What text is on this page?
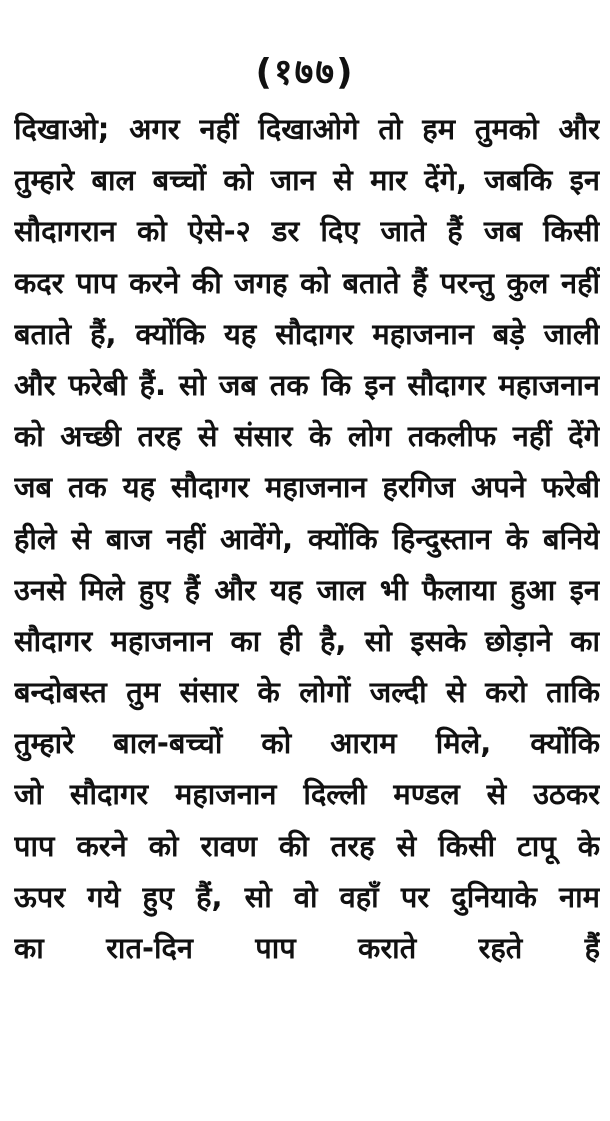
(१७७)
दिखाओ; अगर नहीं दिखाओगे तो हम तुमको और
तुम्हारे बाल बच्चों को जान से मार देंगे, जबकि इन
सौदागरान को ऐसे-२ डर दिए जाते हैं जब किसी
कदर पाप करने की जगह को बताते हैं परन्तु कुल नहीं
बताते हैं, क्योंकि यह सौदागर महाजनान बड़े जाली
और फरेबी हैं. सो जब तक कि इन सौदागर महाजनान
को अच्छी तरह से संसार के लोग तकलीफ नहीं देंगे
जब तक यह सौदागर महाजनान हरगिज अपने फरेबी
हीले से बाज नहीं आवेंगे, क्योंकि हिन्दुस्तान के बनिये
उनसे मिले हुए हैं और यह जाल भी फैलाया हुआ इन
सौदागर महाजनान का ही है, सो इसके छोड़ाने का
बन्दोबस्त तुम संसार के लोगों जल्दी से करो ताकि
तुम्हारे बाल-बच्चों को आराम मिले, क्योंकि
जो सौदागर महाजनान दिल्ली मण्डल से उठकर
पाप करने को रावण की तरह से किसी टापू के
ऊपर गये हुए हैं, सो वो वहाँ पर दुनियाके नाम
का रात-दिन पाप कराते रहते हैं
